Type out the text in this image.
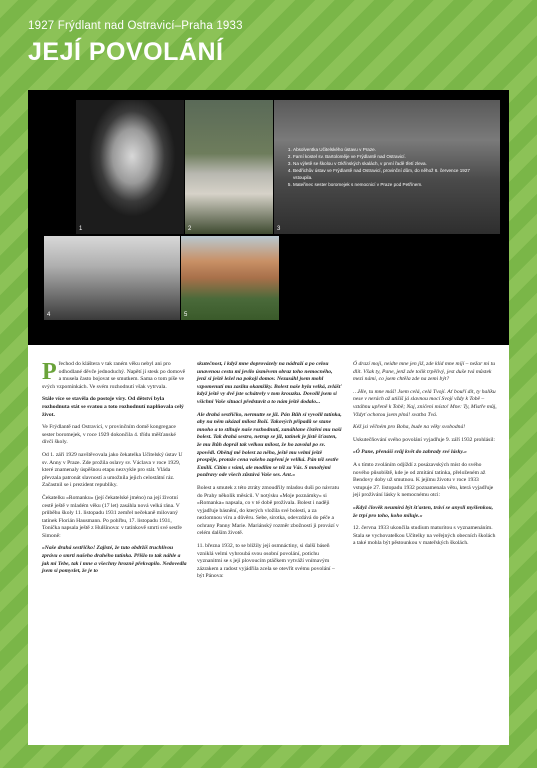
1927 Frýdlant nad Ostravicí–Praha 1933
JEJÍ POVOLÁNÍ
1	2	3
4	5
1. Absolventka Učitelského ústavu v Praze.
2. Farní kostel sv. Bartoloměje ve Frýdlantě nad Ostravicí.
3. Na výletě se školou v Okřínských skalách, v první řadě třetí zleva.
4. Bedřichův ústav ve Frýdlantě nad Ostravicí, provinční dům, do něhož 6. července 1927 vstoupila.
5. Mateřinec sester boromejek s nemocnicí v Praze pod Petřínem.

Přechod do kláštera v tak raném věku nebyl ani pro odhodlané děvče jednoduchý. Napětí jí stesk po domově a musela často bojovat se smutkem. Sama o tom píše ve svých vzpomínkách. Ve svém rozhodnutí však vytrvala.

Stále více se stavěla do postoje víry. Od dětství byla rozhodnuta stát se svatou a toto rozhodnutí naplňovala celý život.

Ve Frýdlantě nad Ostravicí, v provinčním domě kongregace sester boromejek, v roce 1929 dokončila 4. třídu měšťanské dívčí školy.

Od 1. září 1929 navštěvovala jako čekatelka Učitelský ústav U sv. Anny v Praze. Zde prožila oslavy sv. Václava v roce 1929, které znamenaly úspěšnou etapu nezvykle pro stát. Vláda převzala patronát slavností a umožnila jejich celostátní ráz. Začastnil se i prezident republiky.

Čekatelku »Romanku« (její čekatelské jméno) na její životní cestě ještě v mladém věku (17 let) zasáhla nová velká rána. V průběhu školy 11. listopadu 1931 zemřel nečekaně milovaný tatínek Florián Hausmann. Po pohřbu, 17. listopadu 1931, Tonička napsala ještě z Hulšínova: v tatínkově smrti své sestře Simoně:

»Naše drahá sestřičko! Zajisté, že tuto obdržíš truchlivou zprávu o smrti našeho drahého tatínka. Přišlo to tak náhle a jak mi Tebe, tak i mne a všechny hrozně překvapilo. Nedovedla jsem si pomyslet, že je to

skutečnost, i když mne doprovázely na nádraží a po celou unavenou cestu mi jevilo úsměvem obraz toho nemocného, jenž si ještě ležel na pokoji domov. Nezasáhl jsem mohl vzpomenutí mu zaslíta okamžiky. Bolest naše byla velká, zvlášť když ještě vy dvě jste schátrely v tom krouzku. Dovolil jsem si všichni Vaše situaci představit a to nám ještě dodalo...

Ale drahá sestřičko, nermutte se již. Pán Bůh si vyvolil tatínka, aby na něm ukázal milost Boží. Takových případů se stane mnoho a to stihuje naše rozhodnutí, zanáhlane čistění mu naši bolest. Tak drahá sestro, netrap se již, tatínek je jistě šťasten, že mu Bůh doprál tak velkou milost, že ho zavolal po sv. zpovědi. Obětuj mě bolest za něho, ještě mu velmi ještě prospěje, protože cena vašeho zapření je veliká. Pán též sestře Emílii. Citím s vámi, ale modlím se též za Vás. S mnohými pozdravy ode všech zůstává Vaše ses. Ant.«

Bolest a smutek z této ztráty zmoudřily mladou duši po návratu do Prahy několik měsíců. V notýsku »Moje poznámky« si »Romanka« napsala, co v té době prožívala. Bolest i naději vyjadřuje básnění, do kterých vložila své bolesti, a za nezlomnou víru a důvěru. Sebe, sirotka, odevzdává do péče a ochrany Panny Marie. Mariánský rozměr zbožnosti ji provází v celém dalším životě.

11. března 1932, to se blížily její osmnáctiny, si další báseň vzniklá velmi vyhroubá svou osobní povolání, potichu vyznanitmi se s její plovoucím ptáčkem vytváží vnímavým zázrakem a radost vyjádřila zcela se otevřít svému povolání – být Pánova:

Ó drazí moji, neidte mne jen již, zde klid mne míjí – nežar mi tu dlít. Však ty, Pane, jenž zde tolik trpělivý, jest duše tvá můstek mezi námi, co jsem chtěla zde na zemi být?

…Hle, tu mne máš! Jsem celá, celá Tvojí. Ať bouří dít, ty halíku nese v nerách až utišíš já slavnou mocí Svojí vždy k Tobě – vztáhnu upřeně k Tobě; Naj, zničeni místo! Mne: Ty, Mistře můj, Vždyť ochotou jsem plná! svatba Tvá.

Kéž jsi věčném pro Boha, bude na věky svobodná!

Uskutečňování svého povolání vyjadřuje 9. září 1932 prohlásil:

»Ó Pane, přenáší svůj květ do zahrady své lásky.«

A s tímto zvoláním odjíždí z posázavských míst do svého nového působiště, kde je od zmítání tatínka, přeloženém až Bendovy doby už smutnou. K jejímu životu v roce 1933 vstupuje 27. listopadu 1932 poznamenala větu, která vyjadřuje její prožívání lásky k nemocnému otci:

»Když člověk neumírá být šťasten, tráví se anysli myšlenkou, že trpí pro toho, koho miluje.«

12. června 1933 ukončila studium maturitou s vyznamenáním. Stala se vychovatelkou Učitelky na veřejných obecních školách a také mohla být pěstounkou v mateřských školách.
